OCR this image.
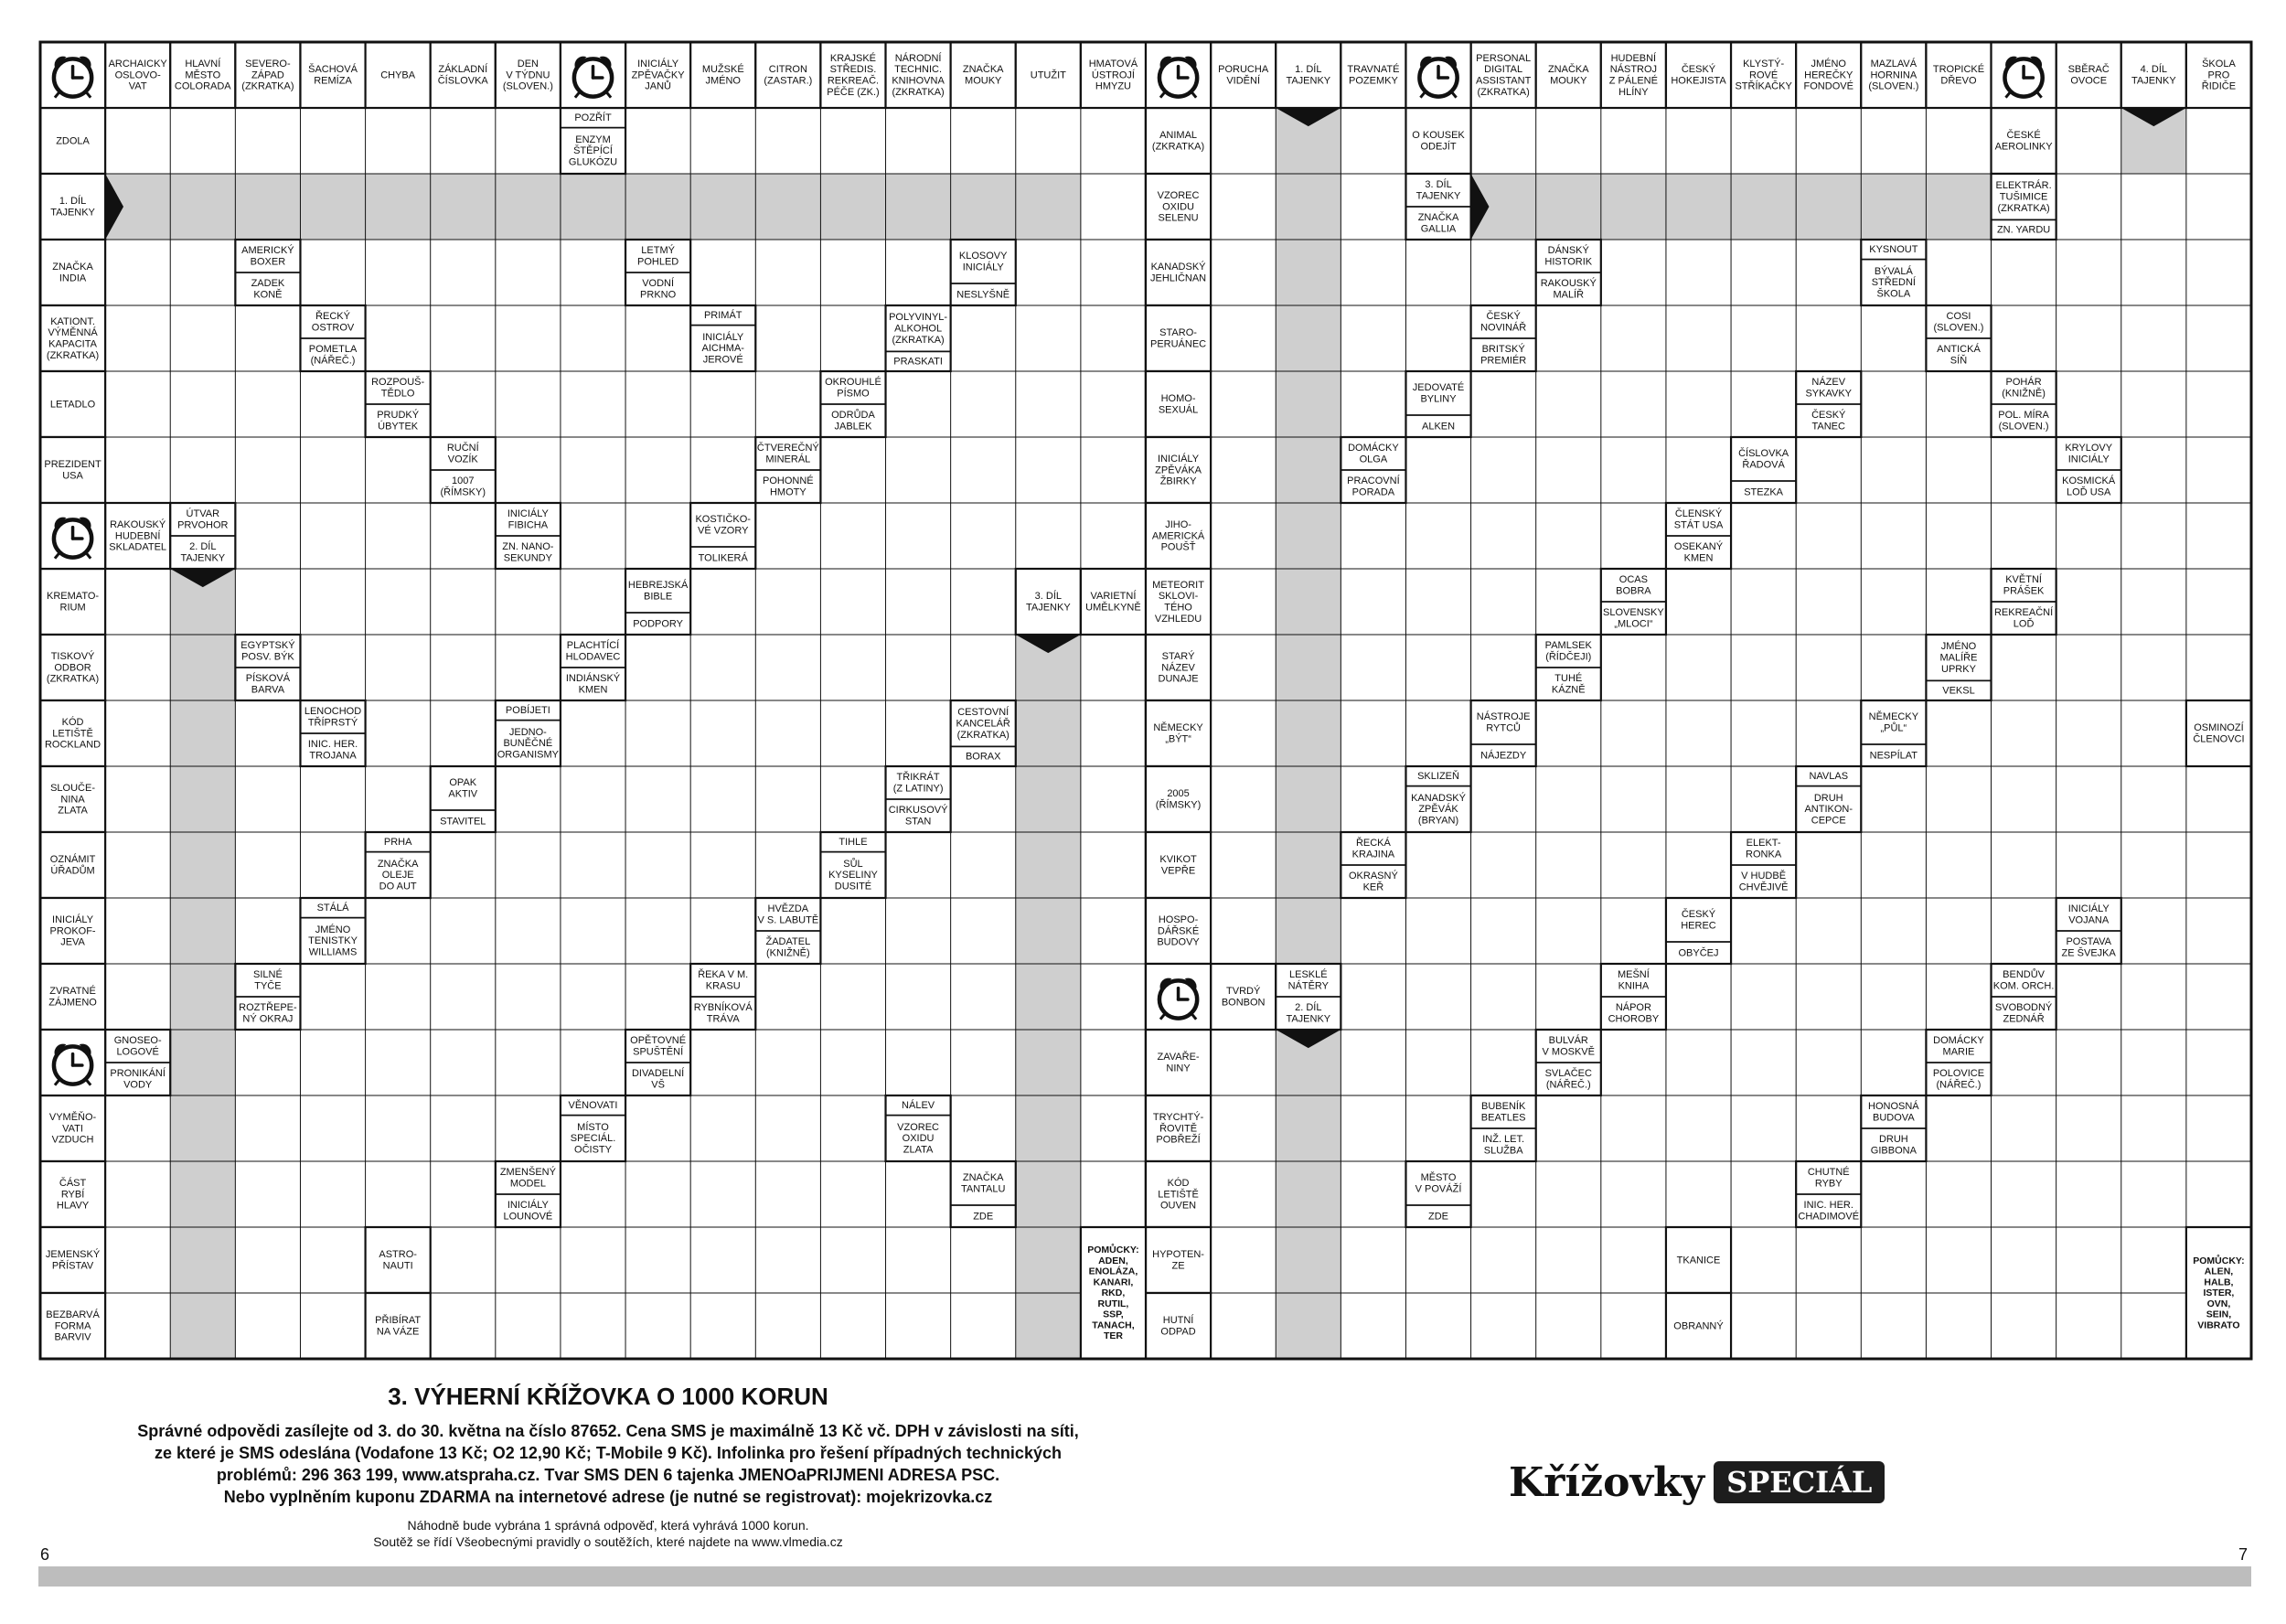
ARCHAICKY
OSLOVO-
VAT
HLAVNÍ
MĚSTO
COLORADA
SEVERO-
ZÁPAD
(ZKRATKA)
ŠACHOVÁ
REMÍZA
CHYBA
ZÁKLADNÍ
ČÍSLOVKA
DEN
V TÝDNU
(SLOVEN.)
INICIÁLY
ZPĚVAČKY
JANŮ
MUŽSKÉ
JMÉNO
CITRON
(ZASTAR.)
KRAJSKÉ
STŘEDIS.
REKREAČ.
PÉČE (ZK.)
NÁRODNÍ
TECHNIC.
KNIHOVNA
(ZKRATKA)
ZNAČKA
MOUKY
UTUŽIT
HMATOVÁ
ÚSTROJÍ
HMYZU
PORUCHA
VIDĚNÍ
1. DÍL
TAJENKY
TRAVNATÉ
POZEMKY
PERSONAL
DIGITAL
ASSISTANT
(ZKRATKA)
ZNAČKA
MOUKY
HUDEBNÍ
NÁSTROJ
Z PÁLENÉ
HLÍNY
ČESKÝ
HOKEJISTA
KLYSTÝ-
ROVÉ
STŘÍKAČKY
JMÉNO
HEREČKY
FONDOVÉ
MAZLAVÁ
HORNINA
(SLOVEN.)
TROPICKÉ
DŘEVO
SBĚRAČ
OVOCE
4. DÍL
TAJENKY
ŠKOLA
PRO
ŘIDIČE
ZDOLA
POZŘÍT
ENZYM
ŠTĚPÍCÍ
GLUKÓZU
ANIMAL
(ZKRATKA)
O KOUSEK
ODEJÍT
ČESKÉ
AEROLINKY
1. DÍL
TAJENKY
VZOREC
OXIDU
SELENU
3. DÍL
TAJENKY
ZNAČKA
GALLIA
ELEKTRÁR.
TUŠIMICE
(ZKRATKA)
ZN. YARDU
ZNAČKA
INDIA
AMERICKÝ
BOXER
ZADEK
KONĚ
LETMÝ
POHLED
VODNÍ
PRKNO
KLOSOVY
INICIÁLY
NESLYŠNĚ
KANADSKÝ
JEHLIČNAN
DÁNSKÝ
HISTORIK
RAKOUSKÝ
MALÍŘ
KYSNOUT
BÝVALÁ
STŘEDNÍ
ŠKOLA
KATIONT.
VÝMĚNNÁ
KAPACITA
(ZKRATKA)
ŘECKÝ
OSTROV
POMETLA
(NÁŘEČ.)
PRIMÁT
INICIÁLY
AICHMA-
JEROVÉ
POLYVINYL-
ALKOHOL
(ZKRATKA)
PRASKATI
STARO-
PERUÁNEC
ČESKÝ
NOVINÁŘ
BRITSKÝ
PREMIÉR
COSI
(SLOVEN.)
ANTICKÁ
SÍŇ
LETADLO
ROZPOUŠ-
TĚDLO
PRUDKÝ
ÚBYTEK
OKROUHLÉ
PÍSMO
ODRŮDA
JABLEK
HOMO-
SEXUÁL
JEDOVATÉ
BYLINY
ALKEN
NÁZEV
SYKAVKY
ČESKÝ
TANEC
POHÁR
(KNIŽNĚ)
POL. MÍRA
(SLOVEN.)
PREZIDENT
USA
RUČNÍ
VOZÍK
1007
(ŘÍMSKY)
ČTVEREČNÝ
MINERÁL
POHONNÉ
HMOTY
INICIÁLY
ZPĚVÁKA
ŽBIRKY
DOMÁCKY
OLGA
PRACOVNÍ
PORADA
ČÍSLOVKA
ŘADOVÁ
STEZKA
KRYLOVY
INICIÁLY
KOSMICKÁ
LOĎ USA
RAKOUSKÝ
HUDEBNÍ
SKLADATEL
ÚTVAR
PRVOHOR
2. DÍL
TAJENKY
INICIÁLY
FIBICHA
ZN. NANO-
SEKUNDY
KOSTIČKO-
VÉ VZORY
TOLIKERÁ
JIHO-
AMERICKÁ
POUŠŤ
ČLENSKÝ
STÁT USA
OSEKANÝ
KMEN
KREMATO-
RIUM
HEBREJSKÁ
BIBLE
PODPORY
3. DÍL
TAJENKY
VARIETNÍ
UMĚLKYNĚ
METEORIT
SKLOVI-
TÉHO
VZHLEDU
OCAS
BOBRA
SLOVENSKY
„MLOCI“
KVĚTNÍ
PRÁŠEK
REKREAČNÍ
LOĎ
TISKOVÝ
ODBOR
(ZKRATKA)
EGYPTSKÝ
POSV. BÝK
PÍSKOVÁ
BARVA
PLACHTÍCÍ
HLODAVEC
INDIÁNSKÝ
KMEN
STARÝ
NÁZEV
DUNAJE
PAMLSEK
(ŘÍDČEJI)
TUHÉ
KÁZNĚ
JMÉNO
MALÍŘE
UPRKY
VEKSL
KÓD
LETIŠTĚ
ROCKLAND
LENOCHOD
TŘÍPRSTÝ
INIC. HER.
TROJANA
POBÍJETI
JEDNO-
BUNĚČNÉ
ORGANISMY
CESTOVNÍ
KANCELÁŘ
(ZKRATKA)
BORAX
NĚMECKY
„BÝT“
NÁSTROJE
RYTCŮ
NÁJEZDY
NĚMECKY
„PŮL“
NESPÍLAT
OSMINOZÍ
ČLENOVCI
SLOUČE-
NINA
ZLATA
OPAK
AKTIV
STAVITEL
TŘIKRÁT
(Z LATINY)
CIRKUSOVÝ
STAN
2005
(ŘÍMSKY)
SKLIZEŇ
KANADSKÝ
ZPĚVÁK
(BRYAN)
NAVLAS
DRUH
ANTIKON-
CEPCE
OZNÁMIT
ÚŘADŮM
PRHA
ZNAČKA
OLEJE
DO AUT
TIHLE
SŮL
KYSELINY
DUSITÉ
KVIKOT
VEPŘE
ŘECKÁ
KRAJINA
OKRASNÝ
KEŘ
ELEKT-
RONKA
V HUDBĚ
CHVĚJIVĚ
INICIÁLY
PROKOF-
JEVA
STÁLÁ
JMÉNO
TENISTKY
WILLIAMS
HVĚZDA
V S. LABUTĚ
ŽADATEL
(KNIŽNĚ)
HOSPO-
DÁŘSKÉ
BUDOVY
ČESKÝ
HEREC
OBYČEJ
INICIÁLY
VOJANA
POSTAVA
ZE ŠVEJKA
ZVRATNÉ
ZÁJMENO
SILNÉ
TYČE
ROZTŘEPE-
NÝ OKRAJ
ŘEKA V M.
KRASU
RYBNÍKOVÁ
TRÁVA
TVRDÝ
BONBON
LESKLÉ
NÁTĚRY
2. DÍL
TAJENKY
MEŠNÍ
KNIHA
NÁPOR
CHOROBY
BENDŮV
KOM. ORCH.
SVOBODNÝ
ZEDNÁŘ
GNOSEO-
LOGOVÉ
PRONIKÁNÍ
VODY
OPĚTOVNÉ
SPUŠTĚNÍ
DIVADELNÍ
VŠ
ZAVAŘE-
NINY
BULVÁR
V MOSKVĚ
SVLAČEC
(NÁŘEČ.)
DOMÁCKY
MARIE
POLOVICE
(NÁŘEČ.)
VYMĚŇO-
VATI
VZDUCH
VĚNOVATI
MÍSTO
SPECIÁL.
OČISTY
NÁLEV
VZOREC
OXIDU
ZLATA
TRYCHTÝ-
ŘOVITĚ
POBŘEŽÍ
BUBENÍK
BEATLES
INŽ. LET.
SLUŽBA
HONOSNÁ
BUDOVA
DRUH
GIBBONA
ČÁST
RYBÍ
HLAVY
ZMENŠENÝ
MODEL
INICIÁLY
LOUNOVÉ
ZNAČKA
TANTALU
ZDE
KÓD
LETIŠTĚ
OUVEN
MĚSTO
V POVÁŽÍ
ZDE
CHUTNÉ
RYBY
INIC. HER.
CHADIMOVÉ
JEMENSKÝ
PŘÍSTAV
ASTRO-
NAUTI
HYPOTEN-
ZE
TKANICE
BEZBARVÁ
FORMA
BARVIV
PŘIBÍRAT
NA VÁZE
HUTNÍ
ODPAD
OBRANNÝ
POMŮCKY:
ADEN,
ENOLÁZA,
KANARI,
RKD,
RUTIL,
SSP,
TANACH,
TER
POMŮCKY:
ALEN,
HALB,
ISTER,
OVN,
SEIN,
VIBRATO
3. VÝHERNÍ KŘÍŽOVKA O 1000 KORUN

Správné odpovědi zasílejte od 3. do 30. května na číslo 87652. Cena SMS je maximálně 13 Kč vč. DPH v závislosti na síti,

ze které je SMS odeslána (Vodafone 13 Kč; O2 12,90 Kč; T-Mobile 9 Kč). Infolinka pro řešení případných technických

problémů: 296 363 199, www.atspraha.cz. Tvar SMS DEN 6 tajenka JMENOaPRIJMENI ADRESA PSC.

Nebo vyplněním kuponu ZDARMA na internetové adrese (je nutné se registrovat): mojekrizovka.cz

Náhodně bude vybrána 1 správná odpověď, která vyhrává 1000 korun.
Soutěž se řídí Všeobecnými pravidly o soutěžích, které najdete na www.vlmedia.cz
Křížovky SPECIÁL
6	7
